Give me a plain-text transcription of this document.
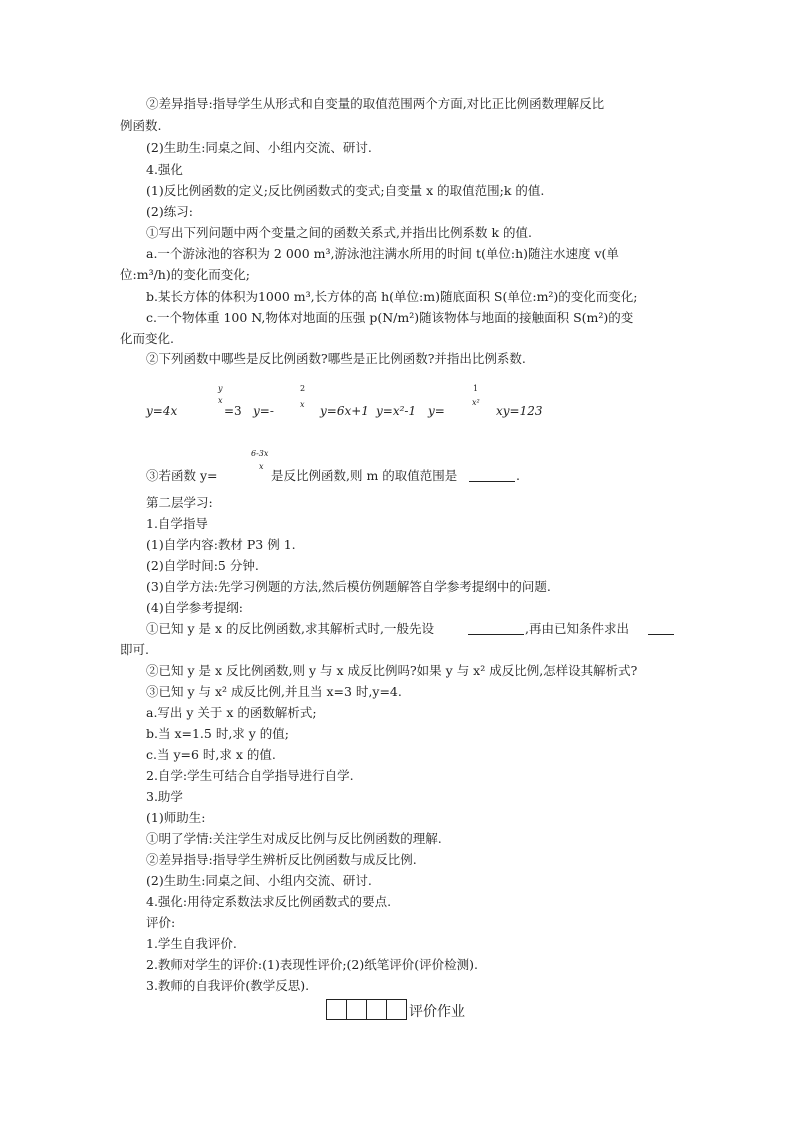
②差异指导:指导学生从形式和自变量的取值范围两个方面,对比正比例函数理解反比
例函数.
(2)生助生:同桌之间、小组内交流、研讨.
4.强化
(1)反比例函数的定义;反比例函数式的变式;自变量 x 的取值范围;k 的值.
(2)练习:
①写出下列问题中两个变量之间的函数关系式,并指出比例系数 k 的值.
a.一个游泳池的容积为 2 000 m³,游泳池注满水所用的时间 t(单位:h)随注水速度 v(单
位:m³/h)的变化而变化;
b.某长方体的体积为1000 m³,长方体的高 h(单位:m)随底面积 S(单位:m²)的变化而变化;
c.一个物体重 100 N,物体对地面的压强 p(N/m²)随该物体与地面的接触面积 S(m²)的变
化而变化.
②下列函数中哪些是反比例函数?哪些是正比例函数?并指出比例系数.
y=4x
y
x
=3 y=-
2
x y=6x+1 y=x²-1 y=
1
x²
xy=123
③若函数 y=
6-3x
x
是反比例函数,则 m 的取值范围是	.
第二层学习:
1.自学指导
(1)自学内容:教材 P3 例 1.
(2)自学时间:5 分钟.
(3)自学方法:先学习例题的方法,然后模仿例题解答自学参考提纲中的问题.
(4)自学参考提纲:
①已知 y 是 x 的反比例函数,求其解析式时,一般先设	,再由已知条件求出
即可.
②已知 y 是 x 反比例函数,则 y 与 x 成反比例吗?如果 y 与 x² 成反比例,怎样设其解析式?
③已知 y 与 x² 成反比例,并且当 x=3 时,y=4.
a.写出 y 关于 x 的函数解析式;
b.当 x=1.5 时,求 y 的值;
c.当 y=6 时,求 x 的值.
2.自学:学生可结合自学指导进行自学.
3.助学
(1)师助生:
①明了学情:关注学生对成反比例与反比例函数的理解.
②差异指导:指导学生辨析反比例函数与成反比例.
(2)生助生:同桌之间、小组内交流、研讨.
4.强化:用待定系数法求反比例函数式的要点.
评价:
1.学生自我评价.
2.教师对学生的评价:(1)表现性评价;(2)纸笔评价(评价检测).
3.教师的自我评价(教学反思).
评价作业
